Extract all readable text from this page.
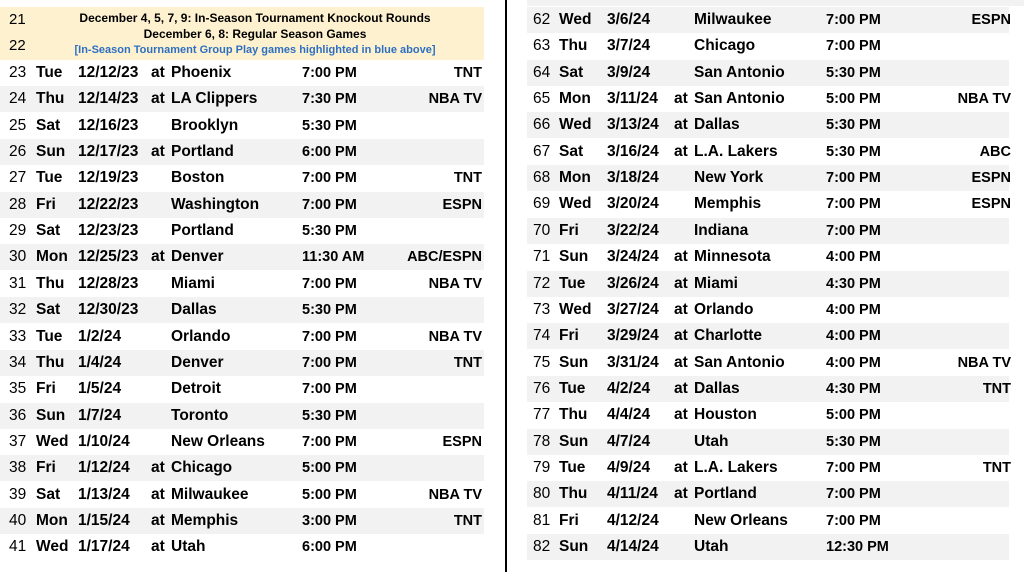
21
22
December 4, 5, 7, 9: In-Season Tournament Knockout Rounds
December 6, 8: Regular Season Games
[In-Season Tournament Group Play games highlighted in blue above]
23 Tue 12/12/23 at Phoenix	7:00 PM	TNT
24 Thu 12/14/23 at LA Clippers	7:30 PM	NBA TV
25 Sat 12/16/23 Brooklyn	5:30 PM
26 Sun 12/17/23 at Portland	6:00 PM
27 Tue 12/19/23 Boston	7:00 PM	TNT
28 Fri 12/22/23 Washington	7:00 PM	ESPN
29 Sat 12/23/23 Portland	5:30 PM
30 Mon 12/25/23 at Denver	11:30 AM	ABC/ESPN
31 Thu 12/28/23 Miami	7:00 PM	NBA TV
32 Sat 12/30/23 Dallas	5:30 PM
33 Tue 1/2/24	Orlando	7:00 PM	NBA TV
34 Thu 1/4/24	Denver	7:00 PM	TNT
35 Fri 1/5/24	Detroit	7:00 PM
36 Sun 1/7/24	Toronto	5:30 PM
37 Wed 1/10/24	New Orleans	7:00 PM	ESPN
38 Fri 1/12/24 at Chicago	5:00 PM
39 Sat 1/13/24 at Milwaukee	5:00 PM	NBA TV
40 Mon 1/15/24 at Memphis	3:00 PM	TNT
41 Wed 1/17/24 at Utah	6:00 PM
62 Wed 3/6/24	Milwaukee	7:00 PM	ESPN
63 Thu 3/7/24	Chicago	7:00 PM
64 Sat 3/9/24	San Antonio	5:30 PM
65 Mon 3/11/24 at San Antonio	5:00 PM	NBA TV
66 Wed 3/13/24 at Dallas	5:30 PM
67 Sat 3/16/24 at L.A. Lakers	5:30 PM	ABC
68 Mon 3/18/24 New York	7:00 PM	ESPN
69 Wed 3/20/24 Memphis	7:00 PM	ESPN
70 Fri 3/22/24 Indiana	7:00 PM
71 Sun 3/24/24 at Minnesota	4:00 PM
72 Tue 3/26/24 at Miami	4:30 PM
73 Wed 3/27/24 at Orlando	4:00 PM
74 Fri 3/29/24 at Charlotte	4:00 PM
75 Sun 3/31/24 at San Antonio	4:00 PM	NBA TV
76 Tue 4/2/24 at Dallas	4:30 PM	TNT
77 Thu 4/4/24 at Houston	5:00 PM
78 Sun 4/7/24	Utah	5:30 PM
79 Tue 4/9/24 at L.A. Lakers	7:00 PM	TNT
80 Thu 4/11/24 at Portland	7:00 PM
81 Fri 4/12/24 New Orleans	7:00 PM
82 Sun 4/14/24 Utah	12:30 PM
